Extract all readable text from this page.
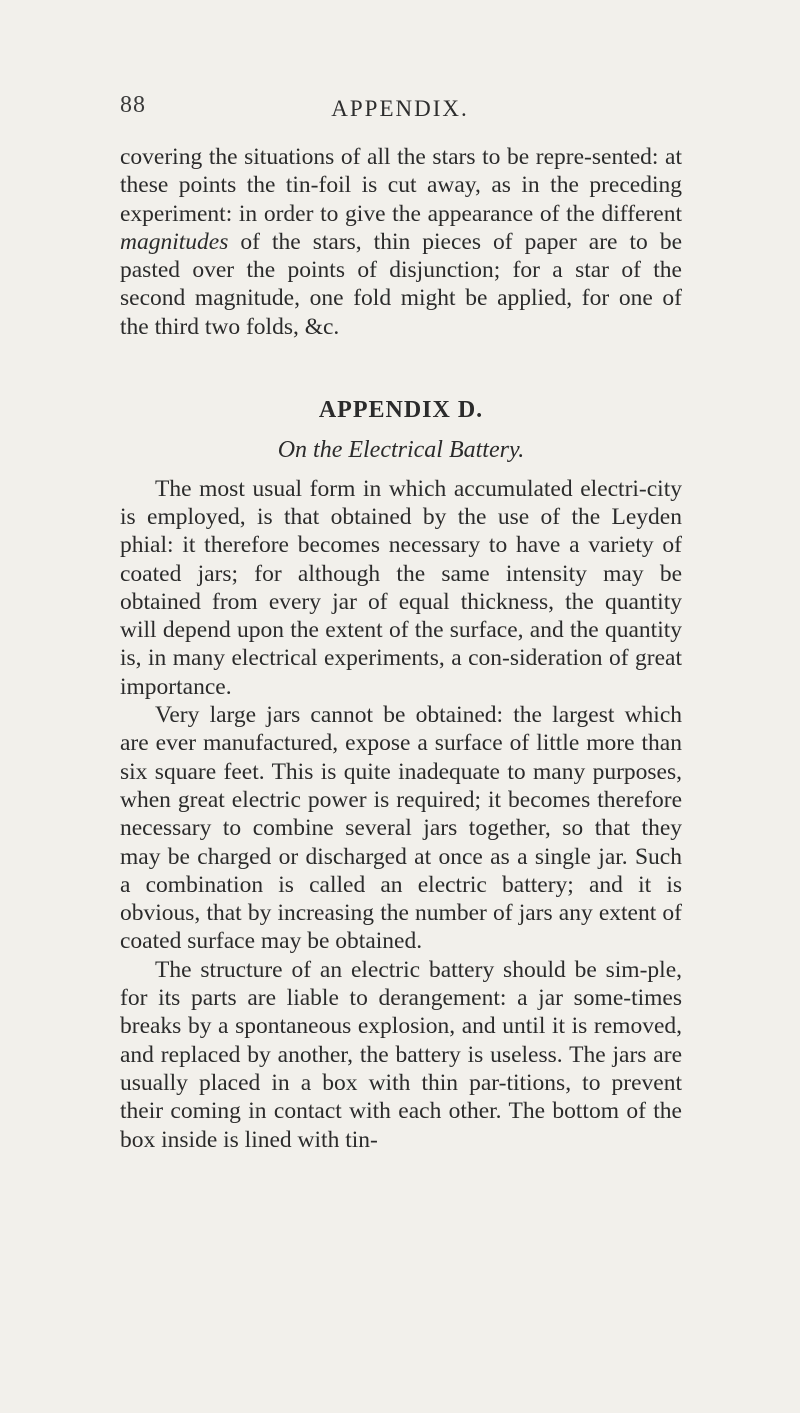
88	APPENDIX.

covering the situations of all the stars to be repre-sented: at these points the tin-foil is cut away, as in the preceding experiment: in order to give the appearance of the different magnitudes of the stars, thin pieces of paper are to be pasted over the points of disjunction; for a star of the second magnitude, one fold might be applied, for one of the third two folds, &c.

APPENDIX D.

On the Electrical Battery.

The most usual form in which accumulated electri-city is employed, is that obtained by the use of the Leyden phial: it therefore becomes necessary to have a variety of coated jars; for although the same intensity may be obtained from every jar of equal thickness, the quantity will depend upon the extent of the surface, and the quantity is, in many electrical experiments, a con-sideration of great importance.

Very large jars cannot be obtained: the largest which are ever manufactured, expose a surface of little more than six square feet. This is quite inadequate to many purposes, when great electric power is required; it becomes therefore necessary to combine several jars together, so that they may be charged or discharged at once as a single jar. Such a combination is called an electric battery; and it is obvious, that by increasing the number of jars any extent of coated surface may be obtained.

The structure of an electric battery should be sim-ple, for its parts are liable to derangement: a jar some-times breaks by a spontaneous explosion, and until it is removed, and replaced by another, the battery is useless. The jars are usually placed in a box with thin par-titions, to prevent their coming in contact with each other. The bottom of the box inside is lined with tin-
